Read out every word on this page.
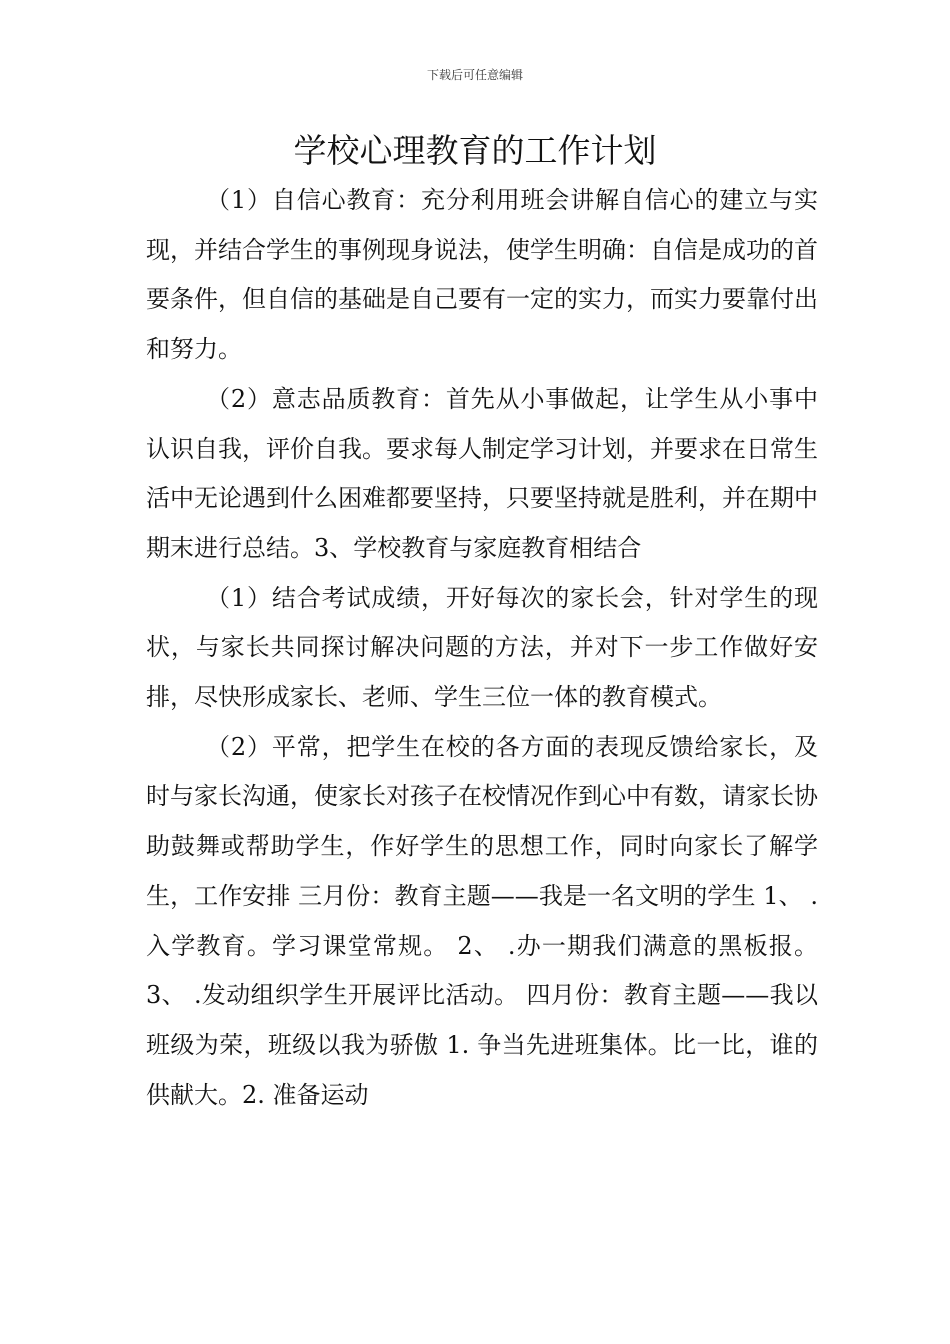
下载后可任意编辑
学校心理教育的工作计划

（1）自信心教育：充分利用班会讲解自信心的建立与实现，并结合学生的事例现身说法，使学生明确：自信是成功的首要条件，但自信的基础是自己要有一定的实力，而实力要靠付出和努力。

（2）意志品质教育：首先从小事做起，让学生从小事中认识自我，评价自我。要求每人制定学习计划，并要求在日常生活中无论遇到什么困难都要坚持，只要坚持就是胜利，并在期中期末进行总结。3、学校教育与家庭教育相结合

（1）结合考试成绩，开好每次的家长会，针对学生的现状，与家长共同探讨解决问题的方法，并对下一步工作做好安排，尽快形成家长、老师、学生三位一体的教育模式。

（2）平常，把学生在校的各方面的表现反馈给家长，及时与家长沟通，使家长对孩子在校情况作到心中有数，请家长协助鼓舞或帮助学生，作好学生的思想工作，同时向家长了解学生，工作安排 三月份：教育主题——我是一名文明的学生 1、 .入学教育。学习课堂常规。 2、 .办一期我们满意的黑板报。3、 .发动组织学生开展评比活动。 四月份：教育主题——我以班级为荣，班级以我为骄傲 1. 争当先进班集体。比一比，谁的供献大。2. 准备运动
